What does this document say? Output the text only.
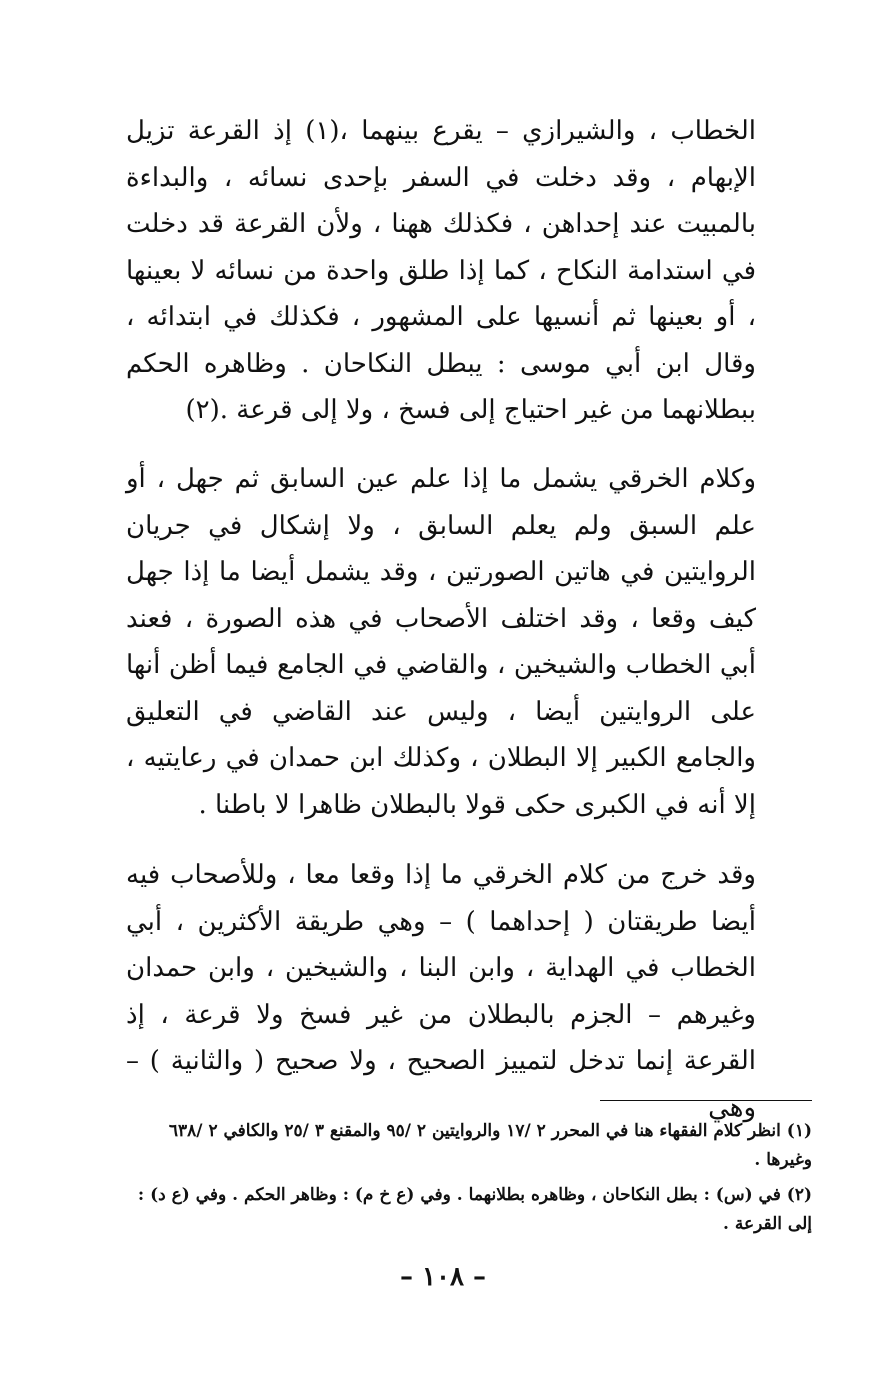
الخطاب ، والشيرازي – يقرع بينهما ،(١) إذ القرعة تزيل الإبهام ، وقد دخلت في السفر بإحدى نسائه ، والبداءة بالمبيت عند إحداهن ، فكذلك ههنا ، ولأن القرعة قد دخلت في استدامة النكاح ، كما إذا طلق واحدة من نسائه لا بعينها ، أو بعينها ثم أنسيها على المشهور ، فكذلك في ابتدائه ، وقال ابن أبي موسى : يبطل النكاحان . وظاهره الحكم ببطلانهما من غير احتياج إلى فسخ ، ولا إلى قرعة .(٢)

وكلام الخرقي يشمل ما إذا علم عين السابق ثم جهل ، أو علم السبق ولم يعلم السابق ، ولا إشكال في جريان الروايتين في هاتين الصورتين ، وقد يشمل أيضا ما إذا جهل كيف وقعا ، وقد اختلف الأصحاب في هذه الصورة ، فعند أبي الخطاب والشيخين ، والقاضي في الجامع فيما أظن أنها على الروايتين أيضا ، وليس عند القاضي في التعليق والجامع الكبير إلا البطلان ، وكذلك ابن حمدان في رعايتيه ، إلا أنه في الكبرى حكى قولا بالبطلان ظاهرا لا باطنا .

وقد خرج من كلام الخرقي ما إذا وقعا معا ، وللأصحاب فيه أيضا طريقتان ( إحداهما ) – وهي طريقة الأكثرين ، أبي الخطاب في الهداية ، وابن البنا ، والشيخين ، وابن حمدان وغيرهم – الجزم بالبطلان من غير فسخ ولا قرعة ، إذ القرعة إنما تدخل لتمييز الصحيح ، ولا صحيح ( والثانية ) – وهي

(١) انظر كلام الفقهاء هنا في المحرر ٢ /١٧ والروايتين ٢ /٩٥ والمقنع ٣ /٢٥ والكافي ٢ /٦٣٨ وغيرها .

(٢) في (س) : بطل النكاحان ، وظاهره بطلانهما . وفي (ع خ م) : وظاهر الحكم . وفي (ع د) : إلى القرعة .

– ١٠٨ –
